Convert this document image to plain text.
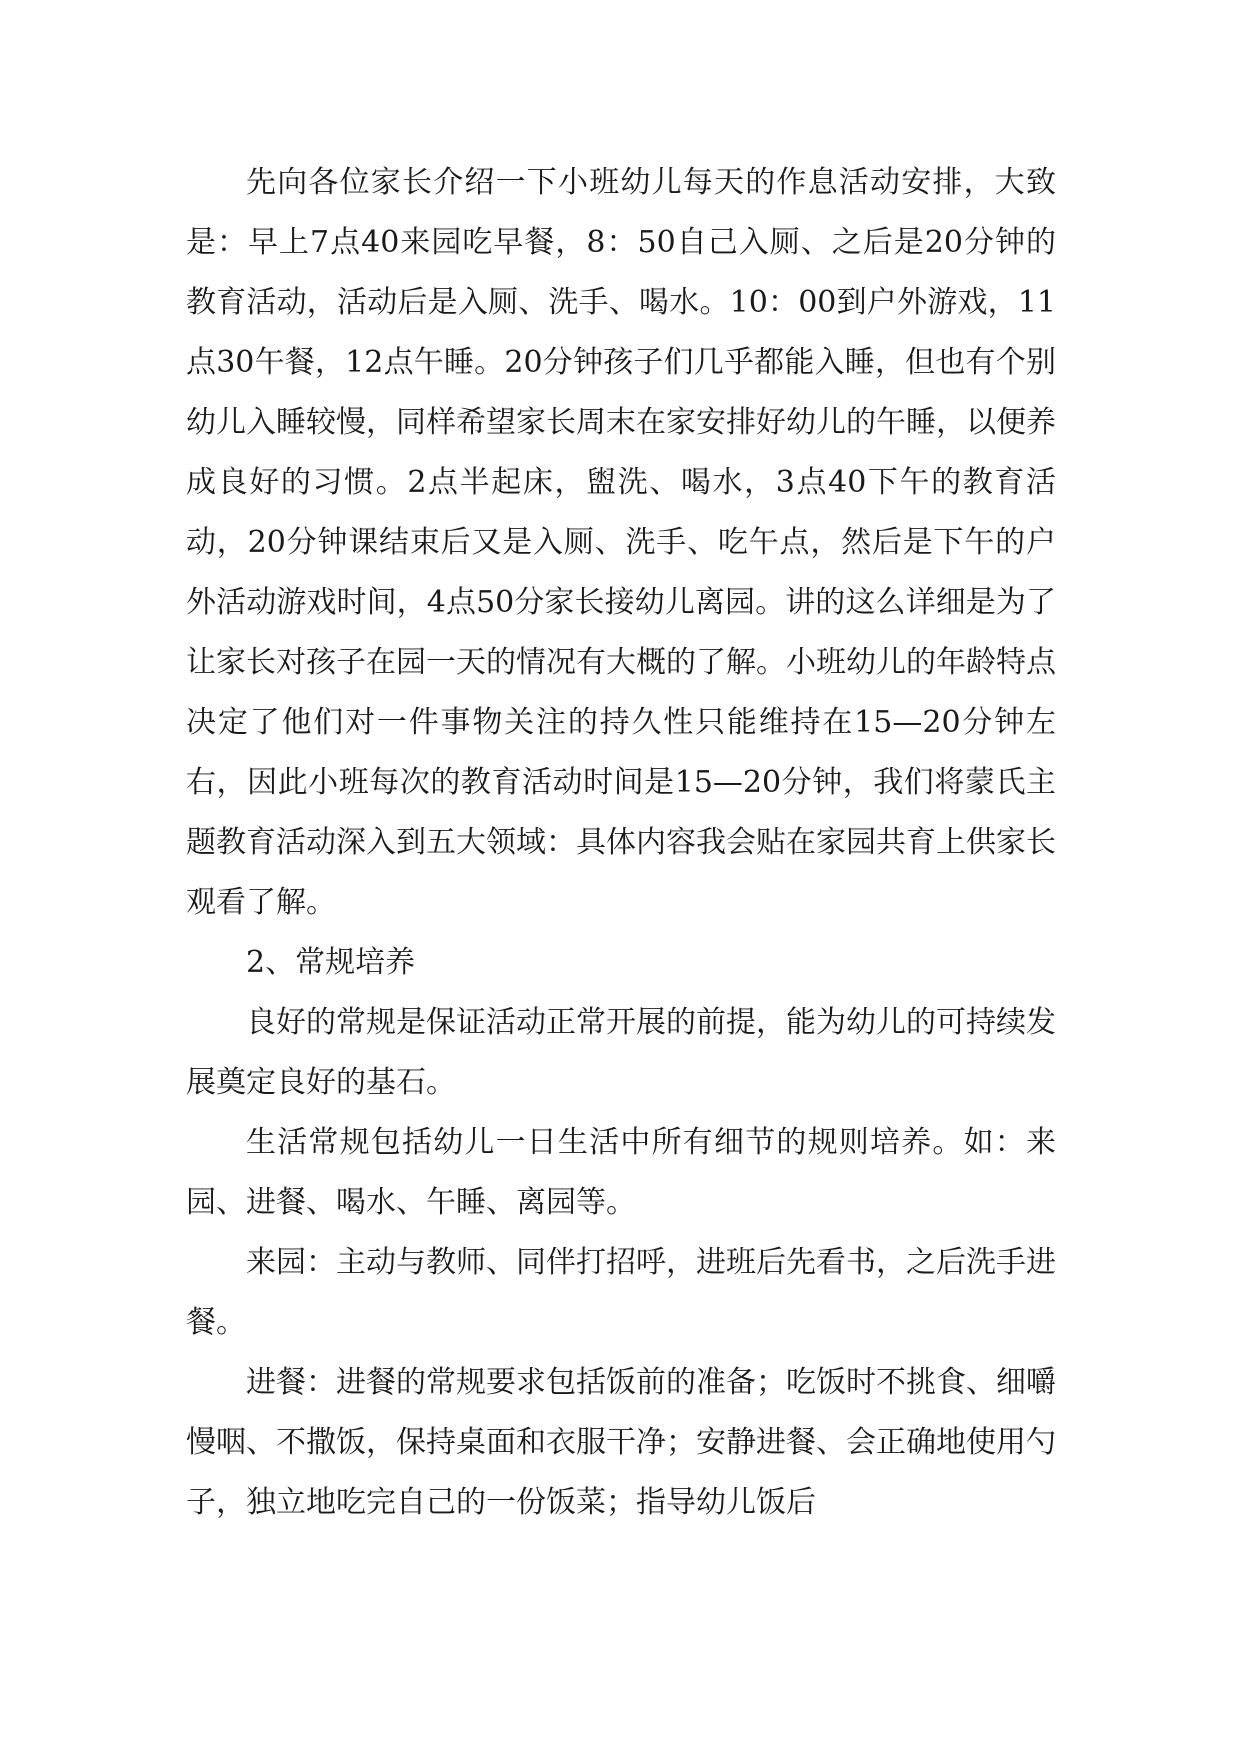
先向各位家长介绍一下小班幼儿每天的作息活动安排，大致是：早上7点40来园吃早餐，8：50自己入厕、之后是20分钟的教育活动，活动后是入厕、洗手、喝水。10：00到户外游戏，11点30午餐，12点午睡。20分钟孩子们几乎都能入睡，但也有个别幼儿入睡较慢，同样希望家长周末在家安排好幼儿的午睡，以便养成良好的习惯。2点半起床，盥洗、喝水，3点40下午的教育活动，20分钟课结束后又是入厕、洗手、吃午点，然后是下午的户外活动游戏时间，4点50分家长接幼儿离园。讲的这么详细是为了让家长对孩子在园一天的情况有大概的了解。小班幼儿的年龄特点决定了他们对一件事物关注的持久性只能维持在15—20分钟左右，因此小班每次的教育活动时间是15—20分钟，我们将蒙氏主题教育活动深入到五大领域：具体内容我会贴在家园共育上供家长观看了解。

2、常规培养

良好的常规是保证活动正常开展的前提，能为幼儿的可持续发展奠定良好的基石。

生活常规包括幼儿一日生活中所有细节的规则培养。如：来园、进餐、喝水、午睡、离园等。

来园：主动与教师、同伴打招呼，进班后先看书，之后洗手进餐。

进餐：进餐的常规要求包括饭前的准备；吃饭时不挑食、细嚼慢咽、不撒饭，保持桌面和衣服干净；安静进餐、会正确地使用勺子，独立地吃完自己的一份饭菜；指导幼儿饭后
